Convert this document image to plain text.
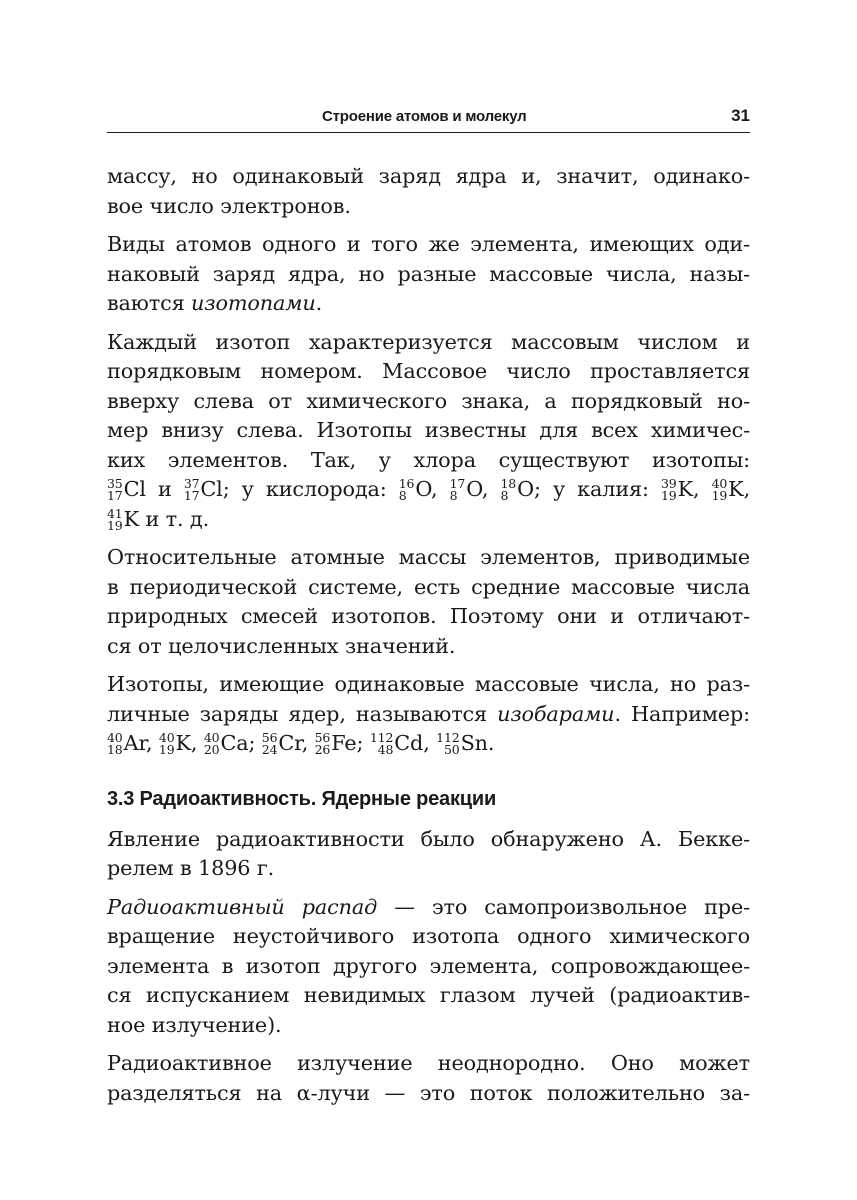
Строение атомов и молекул	31

массу, но одинаковый заряд ядра и, значит, одинако-
вое число электронов.

Виды атомов одного и того же элемента, имеющих оди-
наковый заряд ядра, но разные массовые числа, назы-
ваются изотопами.

Каждый изотоп характеризуется массовым числом и
порядковым номером. Массовое число проставляется
вверху слева от химического знака, а порядковый но-
мер внизу слева. Изотопы известны для всех химичес-
ких элементов. Так, у хлора существуют изотопы:
35
17 Cl и 37
17 Cl; у кислорода: 16
8 O, 17
8 O, 18
8 O; у калия: 39
19 K, 40
19 K,
41
19 K и т. д.

Относительные атомные массы элементов, приводимые
в периодической системе, есть средние массовые числа
природных смесей изотопов. Поэтому они и отличают-
ся от целочисленных значений.

Изотопы, имеющие одинаковые массовые числа, но раз-
личные заряды ядер, называются изобарами. Например:
40
18 Ar, 40
19 K, 40
20 Ca; 56
24 Cr, 56
26 Fe; 112
48 Cd, 112
50 Sn.

3.3 Радиоактивность. Ядерные реакции

Явление радиоактивности было обнаружено А. Бекке-
релем в 1896 г.

Радиоактивный распад — это самопроизвольное пре-
вращение неустойчивого изотопа одного химического
элемента в изотоп другого элемента, сопровождающее-
ся испусканием невидимых глазом лучей (радиоактив-
ное излучение).

Радиоактивное излучение неоднородно. Оно может
разделяться на α-лучи — это поток положительно за-
